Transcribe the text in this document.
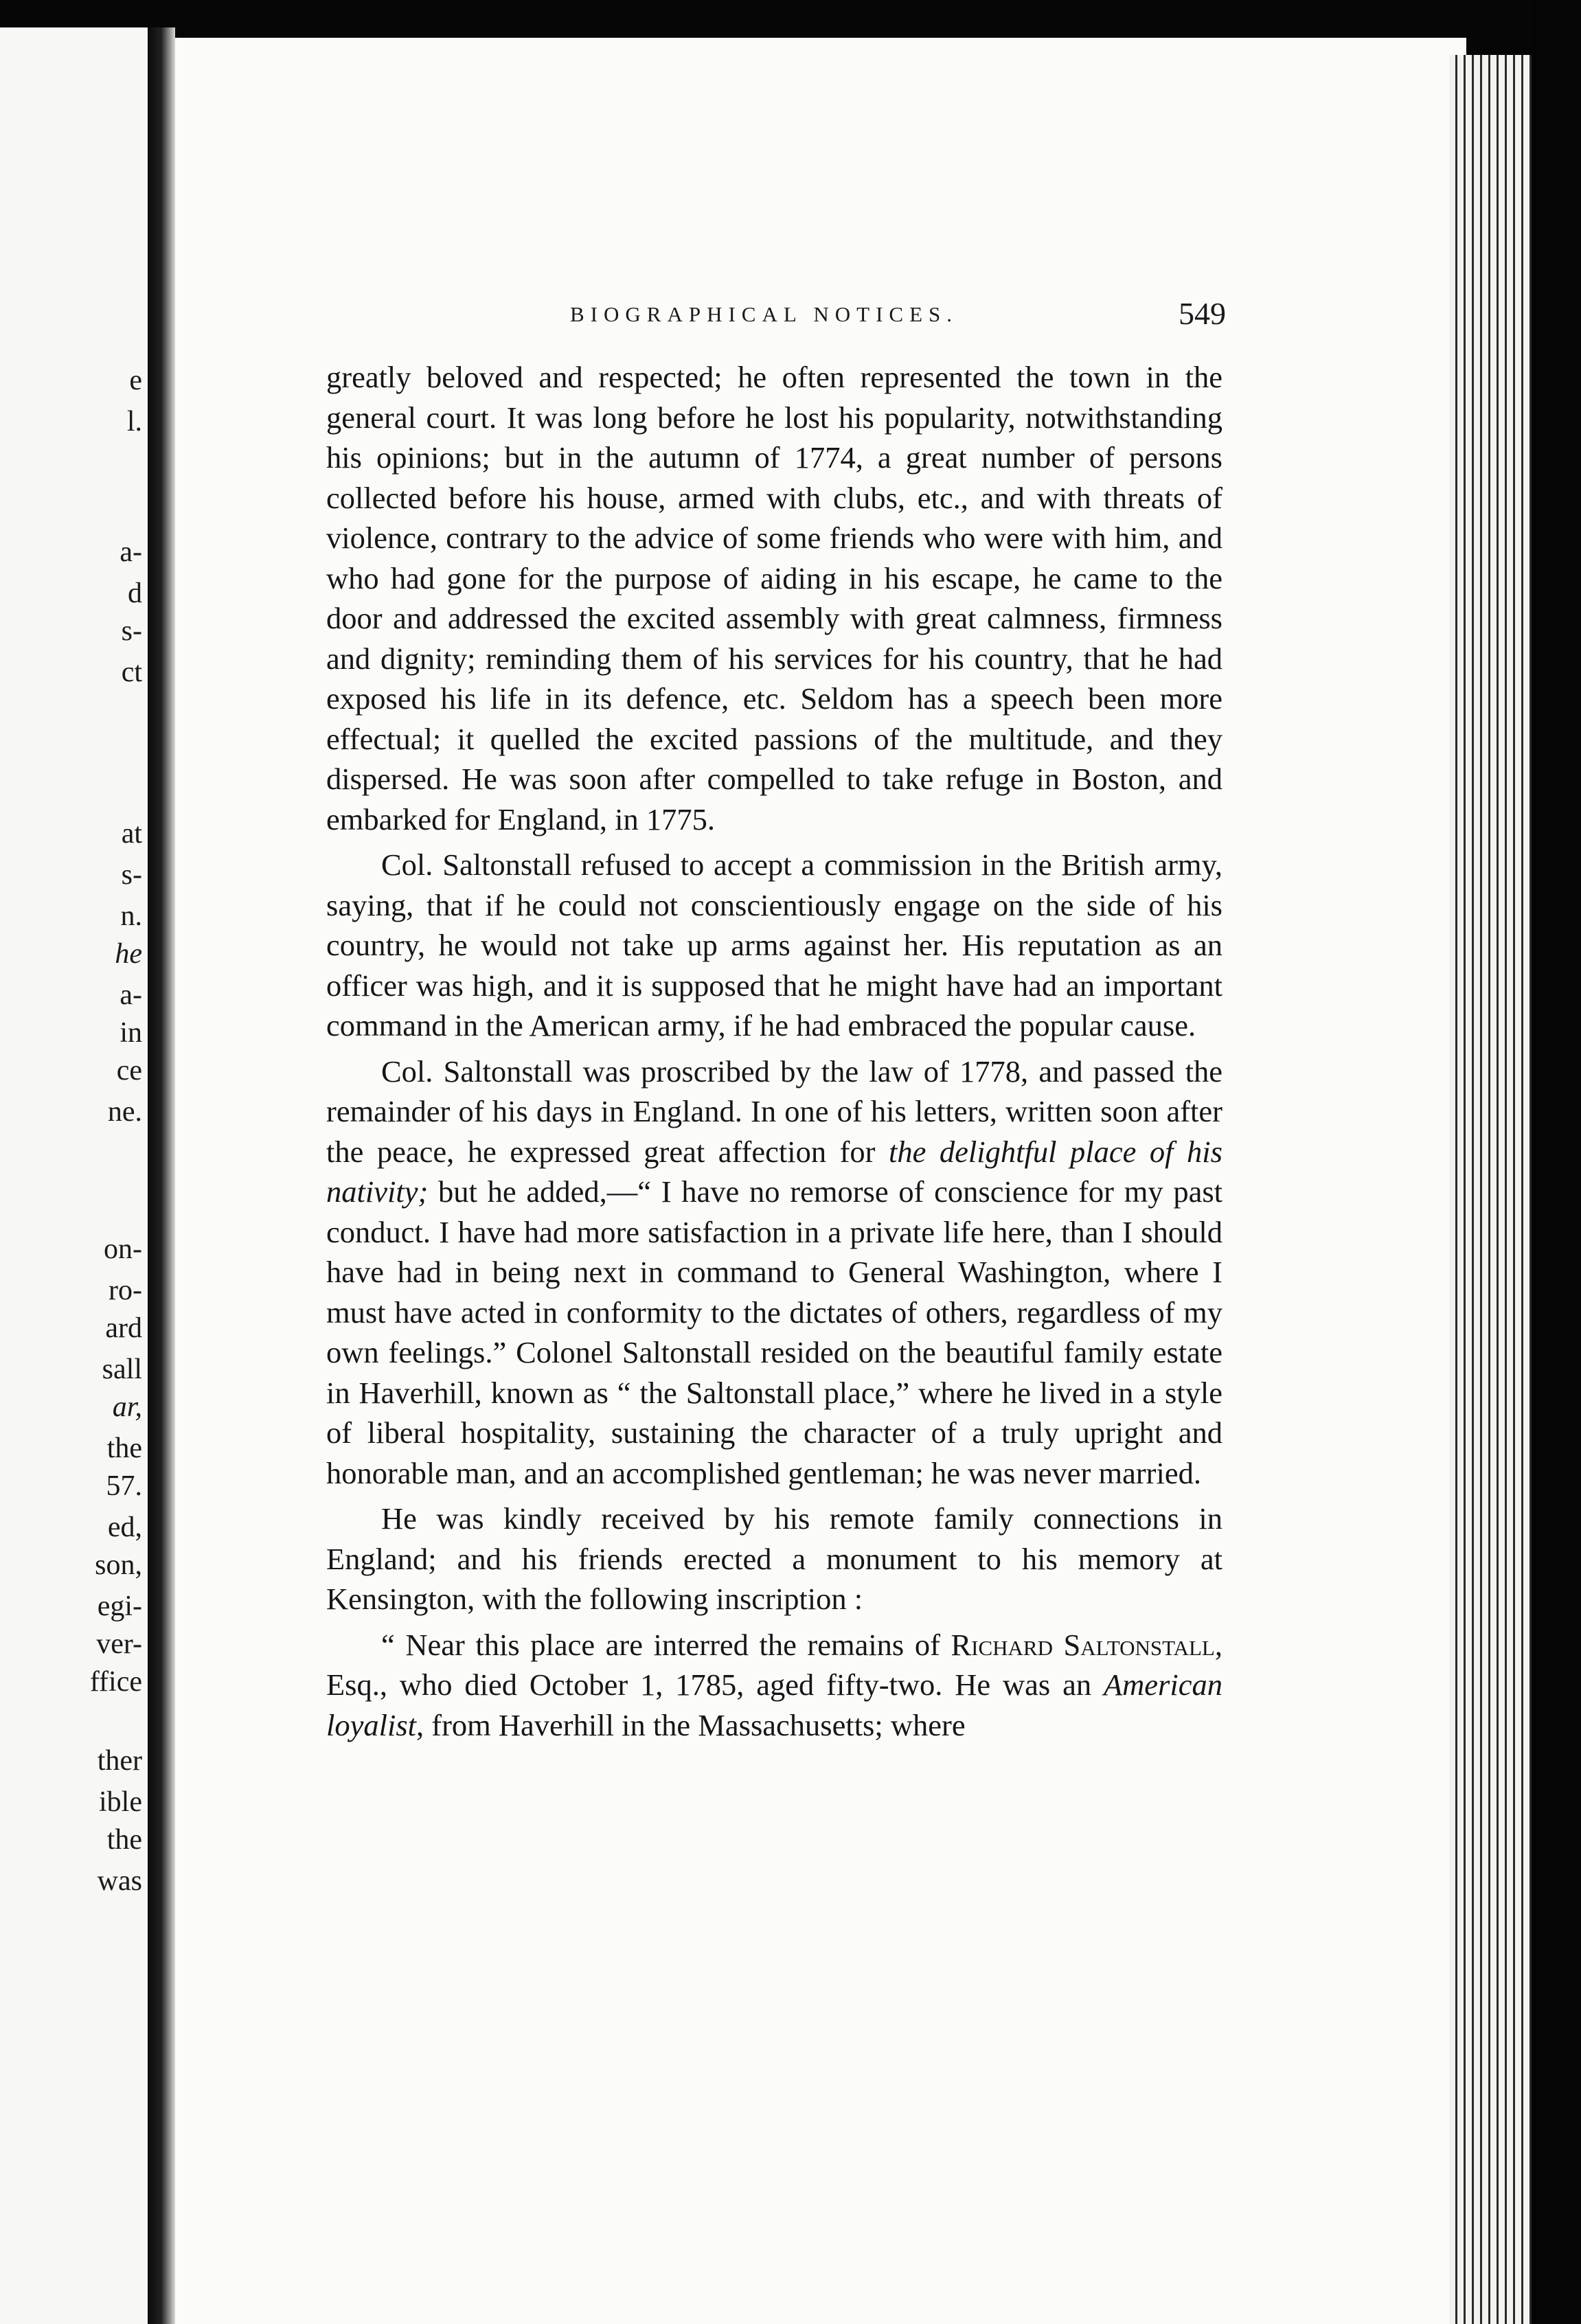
e
l.
a-
d
s-
ct
at
s-
n.
he
a-
in
ce
ne.
on-
ro-
ard
sall
ar,
the
57.
ed,
son,
egi-
ver-
ffice
ther
ible
the
was
BIOGRAPHICAL NOTICES.	549

greatly beloved and respected; he often represented the town in the general court. It was long before he lost his popularity, notwithstanding his opinions; but in the autumn of 1774, a great number of persons collected before his house, armed with clubs, etc., and with threats of violence, contrary to the advice of some friends who were with him, and who had gone for the purpose of aiding in his escape, he came to the door and addressed the excited assembly with great calmness, firmness and dignity; reminding them of his services for his country, that he had exposed his life in its defence, etc. Seldom has a speech been more effectual; it quelled the excited passions of the multitude, and they dispersed. He was soon after compelled to take refuge in Boston, and embarked for England, in 1775.

Col. Saltonstall refused to accept a commission in the British army, saying, that if he could not conscientiously engage on the side of his country, he would not take up arms against her. His reputation as an officer was high, and it is supposed that he might have had an important command in the American army, if he had embraced the popular cause.

Col. Saltonstall was proscribed by the law of 1778, and passed the remainder of his days in England. In one of his letters, written soon after the peace, he expressed great affection for the delightful place of his nativity; but he added,—“ I have no remorse of conscience for my past conduct. I have had more satisfaction in a private life here, than I should have had in being next in command to General Washington, where I must have acted in conformity to the dictates of others, regardless of my own feelings.” Colonel Saltonstall resided on the beautiful family estate in Haverhill, known as “ the Saltonstall place,” where he lived in a style of liberal hospitality, sustaining the character of a truly upright and honorable man, and an accomplished gentleman; he was never married.

He was kindly received by his remote family connections in England; and his friends erected a monument to his memory at Kensington, with the following inscription :

“ Near this place are interred the remains of Richard Saltonstall, Esq., who died October 1, 1785, aged fifty-two. He was an American loyalist, from Haverhill in the Massachusetts; where
